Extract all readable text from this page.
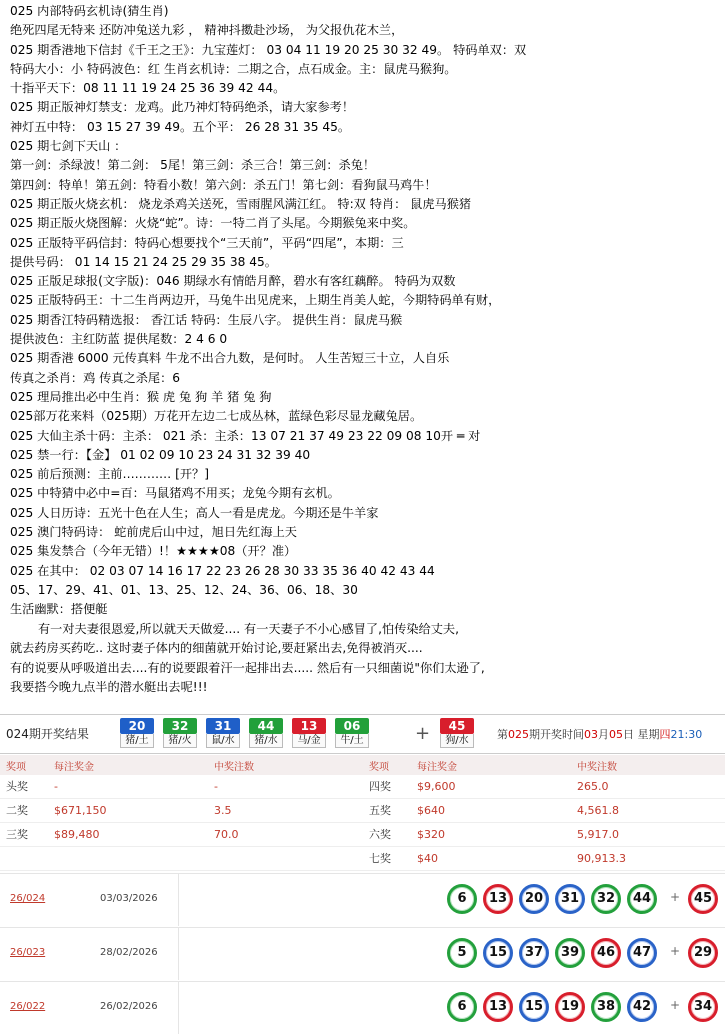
025 内部特码玄机诗(猜生肖)
绝死四尾无特来 还防冲兔送九彩 ， 精神抖擞赴沙场， 为父报仇花木兰，
025 期香港地下信封《千王之王》：九宝莲灯： 03 04 11 19 20 25 30 32 49。 特码单双：双
特码大小：小 特码波色：红 生肖玄机诗：二期之合，点石成金。主：鼠虎马猴狗。
十指平天下：08 11 11 19 24 25 36 39 42 44。
025 期正版神灯禁支：龙鸡。此乃神灯特码绝杀，请大家参考！
神灯五中特： 03 15 27 39 49。五个平： 26 28 31 35 45。
025 期七剑下天山 ：
第一剑：杀绿波！第二剑： 5尾！第三剑：杀三合！第三剑：杀兔！
第四剑：特单！第五剑：特看小数！第六剑：杀五门！第七剑：看狗鼠马鸡牛！
025 期正版火烧玄机： 烧龙杀鸡关送死，雪雨腥风满江红。 特:双 特肖： 鼠虎马猴猪
025 期正版火烧图解：火烧“蛇”。诗：一特二肖了头尾。今期猴兔来中奖。
025 正版特平码信封：特码心想要找个“三天前”，平码“四尾”，本期：三
提供号码： 01 14 15 21 24 25 29 35 38 45。
025 正版足球报(文字版)：046 期绿水有情皓月醉，碧水有客红藕醉。 特码为双数
025 正版特码王：十二生肖两边开，马兔牛出见虎来，上期生肖美人蛇，今期特码单有财，
025 期香江特码精选报： 香江话 特码：生辰八字。 提供生肖：鼠虎马猴
提供波色：主红防蓝 提供尾数：2 4 6 0
025 期香港 6000 元传真料 牛龙不出合九数，是何时。 人生苦短三十立，人自乐
传真之杀肖：鸡 传真之杀尾：6
025 理局推出必中生肖：猴 虎 兔 狗 羊 猪 兔 狗
025部万花来料（025期）万花开左边二七成丛林，蓝绿色彩尽显龙藏兔居。
025 大仙主杀十码：主杀： 021 杀：主杀：13 07 21 37 49 23 22 09 08 10开 ═ 对
025 禁一行：【金】 01 02 09 10 23 24 31 32 39 40
025 前后预测：主前………… [开？]
025 中特猜中必中=百：马鼠猪鸡不用买；龙兔今期有玄机。
025 人日历诗：五光十色在人生；高人一看是虎龙。今期还是牛羊家
025 澳门特码诗： 蛇前虎后山中过，旭日先红海上天
025 集发禁合（今年无错）!！★★★★08（开？准）
025 在其中： 02 03 07 14 16 17 22 23 26 28 30 33 35 36 40 42 43 44
05、17、29、41、01、13、25、12、24、36、06、18、30
生活幽默：搭便艇
有一对夫妻很恩爱,所以就天天做爱.... 有一天妻子不小心感冒了,怕传染给丈夫,
就去药房买药吃.. 这时妻子体内的细菌就开始讨论,要赶紧出去,免得被消灭....
有的说要从呼吸道出去....有的说要跟着汗一起排出去..... 然后有一只细菌说"你们太逊了,
我要搭今晚九点半的潜水艇出去呢!!!
024期开奖结果
20
猪/土
32
猪/火
31
鼠/水
44
猪/水
13
马/金
06
牛/土	+	45
狗/水	第025期开奖时间03月05日 星期四21:30
奖项	每注奖金	中奖注数	奖项	每注奖金	中奖注数
头奖	-	-	四奖	$9,600	265.0
二奖	$671,150	3.5	五奖	$640	4,561.8
三奖	$89,480	70.0	六奖	$320	5,917.0
			七奖	$40	90,913.3
26/024	03/03/2026	6	13	20	31	32	44	+	45
26/023	28/02/2026	5	15	37	39	46	47	+	29
26/022	26/02/2026	6	13	15	19	38	42	+	34
